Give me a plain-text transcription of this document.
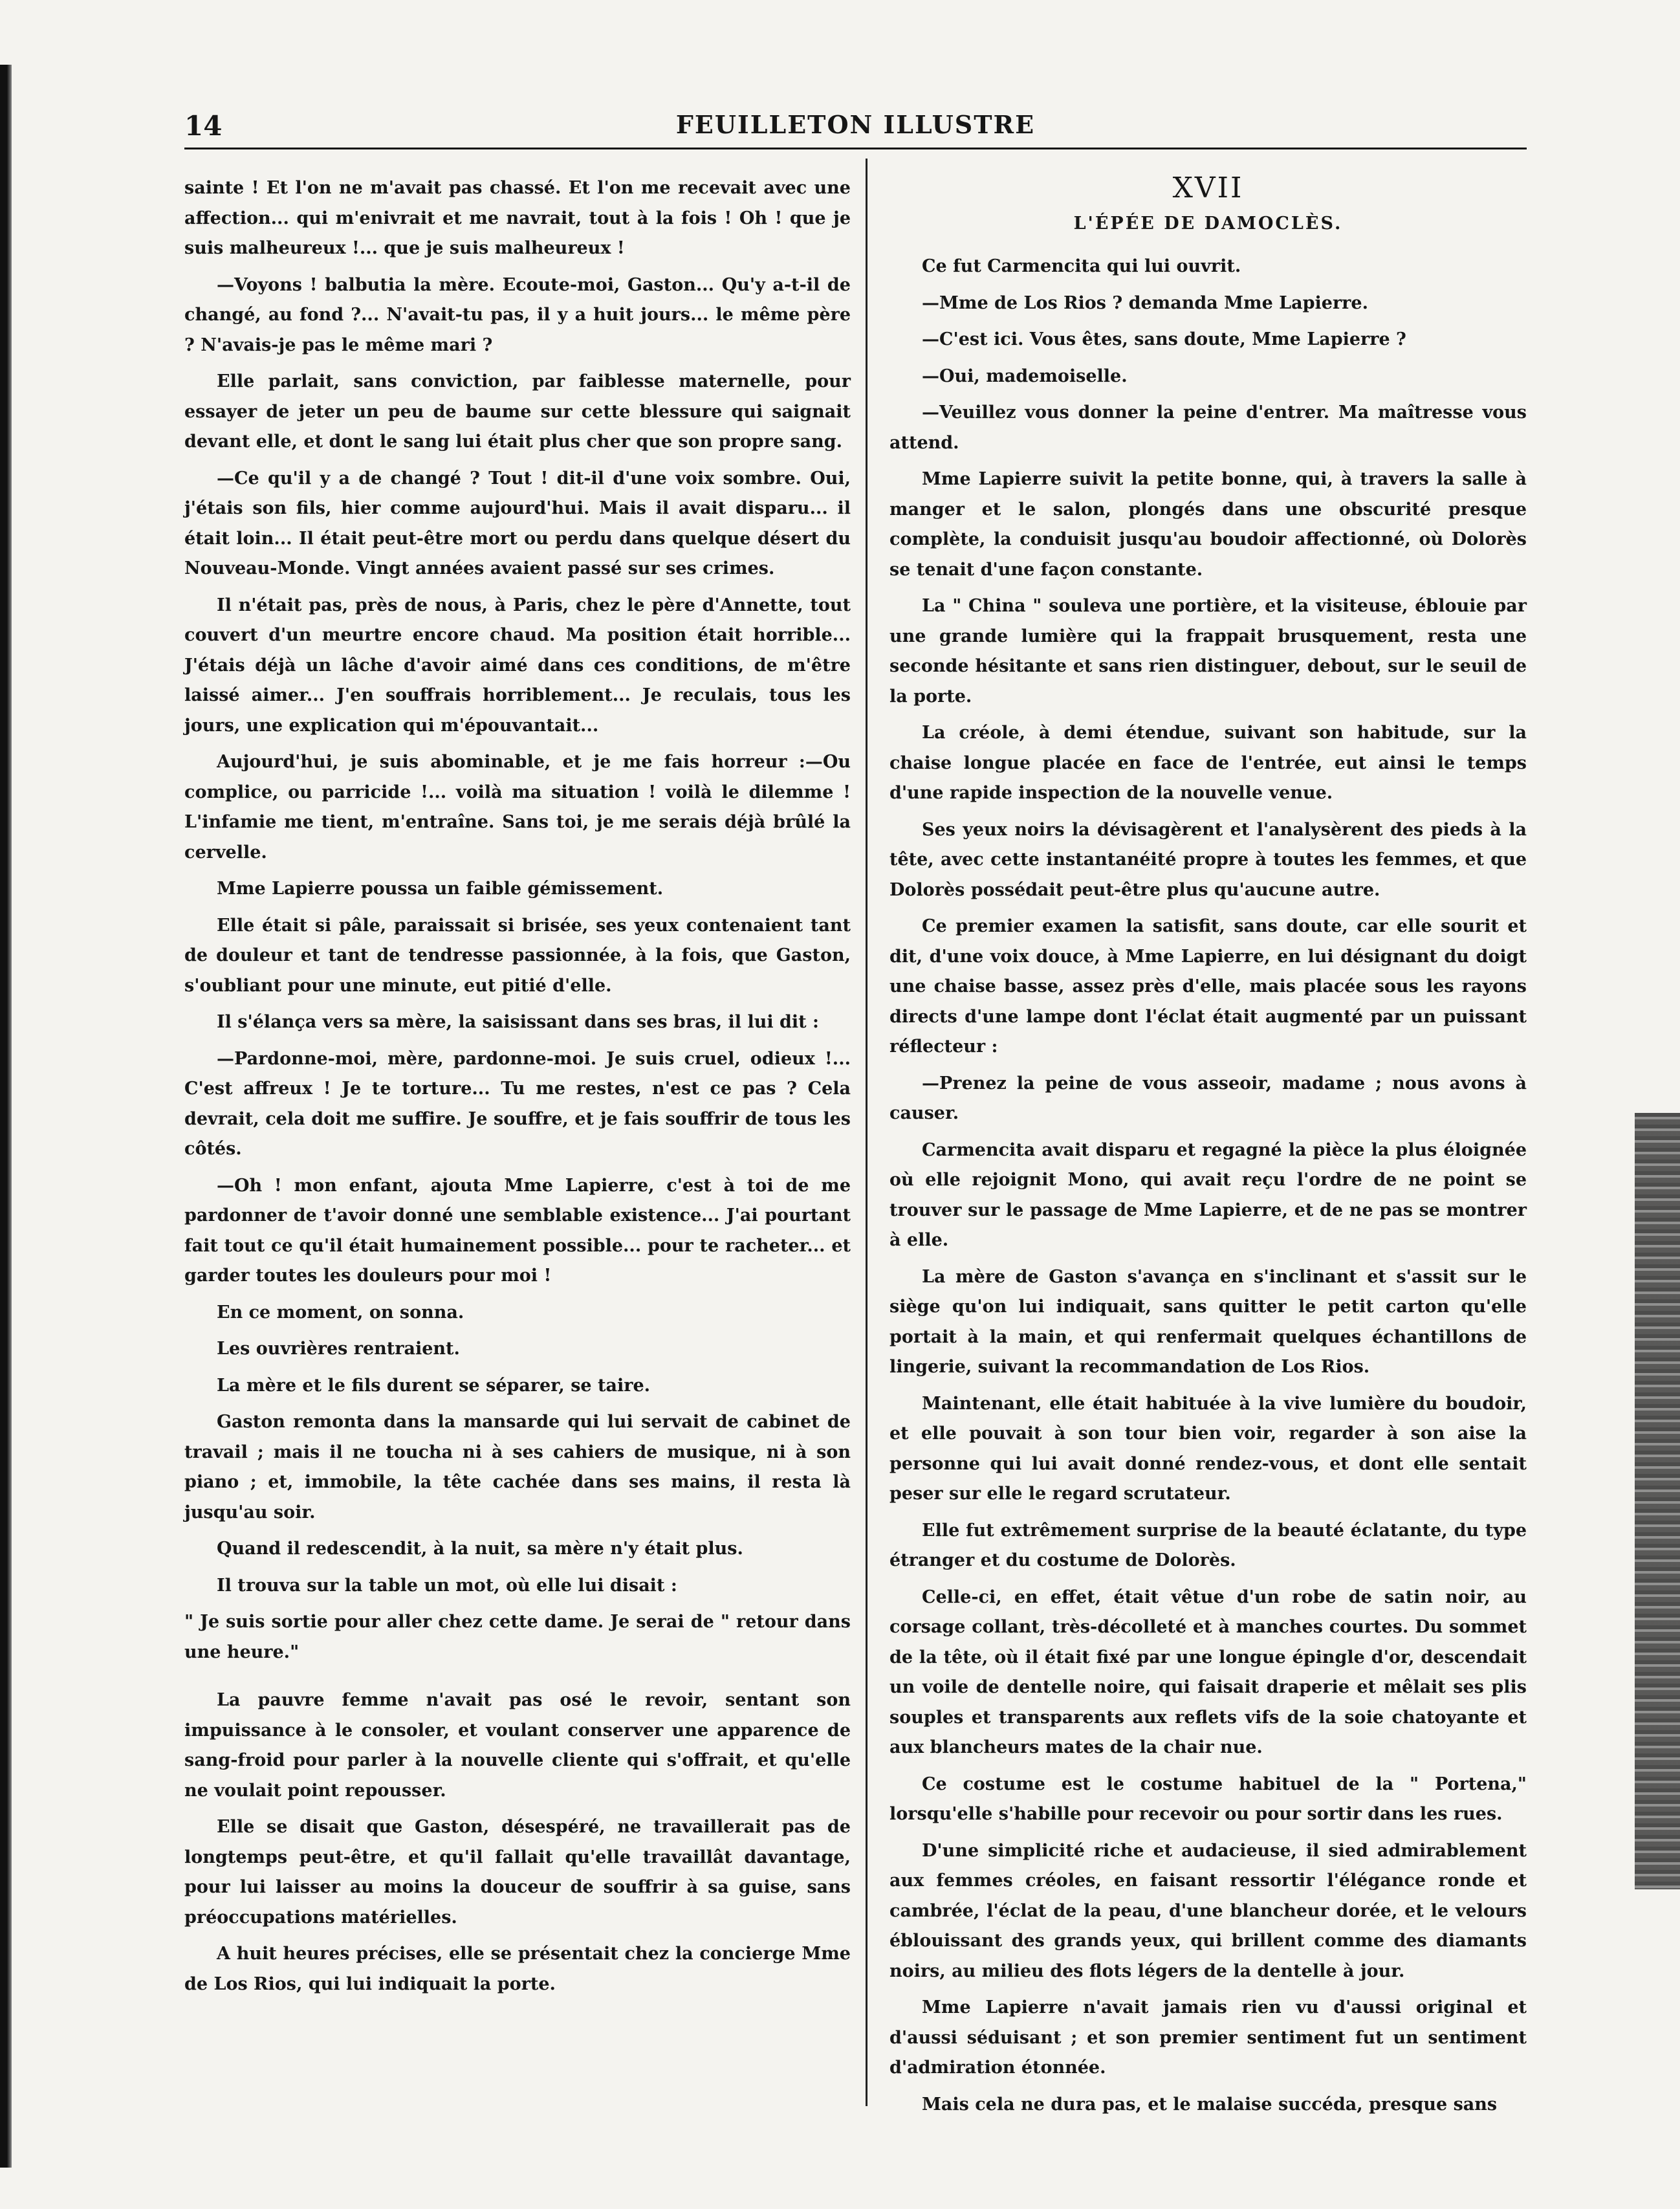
14	FEUILLETON ILLUSTRE

sainte ! Et l'on ne m'avait pas chassé. Et l'on me recevait avec une affection... qui m'enivrait et me navrait, tout à la fois ! Oh ! que je suis malheureux !... que je suis malheureux !

—Voyons ! balbutia la mère. Ecoute-moi, Gaston... Qu'y a-t-il de changé, au fond ?... N'avait-tu pas, il y a huit jours... le même père ? N'avais-je pas le même mari ?

Elle parlait, sans conviction, par faiblesse maternelle, pour essayer de jeter un peu de baume sur cette blessure qui saignait devant elle, et dont le sang lui était plus cher que son propre sang.

—Ce qu'il y a de changé ? Tout ! dit-il d'une voix sombre. Oui, j'étais son fils, hier comme aujourd'hui. Mais il avait disparu... il était loin... Il était peut-être mort ou perdu dans quelque désert du Nouveau-Monde. Vingt années avaient passé sur ses crimes.

Il n'était pas, près de nous, à Paris, chez le père d'Annette, tout couvert d'un meurtre encore chaud. Ma position était horrible... J'étais déjà un lâche d'avoir aimé dans ces conditions, de m'être laissé aimer... J'en souffrais horriblement... Je reculais, tous les jours, une explication qui m'épouvantait...

Aujourd'hui, je suis abominable, et je me fais horreur :—Ou complice, ou parricide !... voilà ma situation ! voilà le dilemme ! L'infamie me tient, m'entraîne. Sans toi, je me serais déjà brûlé la cervelle.

Mme Lapierre poussa un faible gémissement.

Elle était si pâle, paraissait si brisée, ses yeux contenaient tant de douleur et tant de tendresse passionnée, à la fois, que Gaston, s'oubliant pour une minute, eut pitié d'elle.

Il s'élança vers sa mère, la saisissant dans ses bras, il lui dit :

—Pardonne-moi, mère, pardonne-moi. Je suis cruel, odieux !... C'est affreux ! Je te torture... Tu me restes, n'est ce pas ? Cela devrait, cela doit me suffire. Je souffre, et je fais souffrir de tous les côtés.

—Oh ! mon enfant, ajouta Mme Lapierre, c'est à toi de me pardonner de t'avoir donné une semblable existence... J'ai pourtant fait tout ce qu'il était humainement possible... pour te racheter... et garder toutes les douleurs pour moi !

En ce moment, on sonna.

Les ouvrières rentraient.

La mère et le fils durent se séparer, se taire.

Gaston remonta dans la mansarde qui lui servait de cabinet de travail ; mais il ne toucha ni à ses cahiers de musique, ni à son piano ; et, immobile, la tête cachée dans ses mains, il resta là jusqu'au soir.

Quand il redescendit, à la nuit, sa mère n'y était plus.

Il trouva sur la table un mot, où elle lui disait :

" Je suis sortie pour aller chez cette dame. Je serai de " retour dans une heure."

La pauvre femme n'avait pas osé le revoir, sentant son impuissance à le consoler, et voulant conserver une apparence de sang-froid pour parler à la nouvelle cliente qui s'offrait, et qu'elle ne voulait point repousser.

Elle se disait que Gaston, désespéré, ne travaillerait pas de longtemps peut-être, et qu'il fallait qu'elle travaillât davantage, pour lui laisser au moins la douceur de souffrir à sa guise, sans préoccupations matérielles.

A huit heures précises, elle se présentait chez la concierge Mme de Los Rios, qui lui indiquait la porte.

XVII
L'ÉPÉE DE DAMOCLÈS.

Ce fut Carmencita qui lui ouvrit.

—Mme de Los Rios ? demanda Mme Lapierre.

—C'est ici. Vous êtes, sans doute, Mme Lapierre ?

—Oui, mademoiselle.

—Veuillez vous donner la peine d'entrer. Ma maîtresse vous attend.

Mme Lapierre suivit la petite bonne, qui, à travers la salle à manger et le salon, plongés dans une obscurité presque complète, la conduisit jusqu'au boudoir affectionné, où Dolorès se tenait d'une façon constante.

La " China " souleva une portière, et la visiteuse, éblouie par une grande lumière qui la frappait brusquement, resta une seconde hésitante et sans rien distinguer, debout, sur le seuil de la porte.

La créole, à demi étendue, suivant son habitude, sur la chaise longue placée en face de l'entrée, eut ainsi le temps d'une rapide inspection de la nouvelle venue.

Ses yeux noirs la dévisagèrent et l'analysèrent des pieds à la tête, avec cette instantanéité propre à toutes les femmes, et que Dolorès possédait peut-être plus qu'aucune autre.

Ce premier examen la satisfit, sans doute, car elle sourit et dit, d'une voix douce, à Mme Lapierre, en lui désignant du doigt une chaise basse, assez près d'elle, mais placée sous les rayons directs d'une lampe dont l'éclat était augmenté par un puissant réflecteur :

—Prenez la peine de vous asseoir, madame ; nous avons à causer.

Carmencita avait disparu et regagné la pièce la plus éloignée où elle rejoignit Mono, qui avait reçu l'ordre de ne point se trouver sur le passage de Mme Lapierre, et de ne pas se montrer à elle.

La mère de Gaston s'avança en s'inclinant et s'assit sur le siège qu'on lui indiquait, sans quitter le petit carton qu'elle portait à la main, et qui renfermait quelques échantillons de lingerie, suivant la recommandation de Los Rios.

Maintenant, elle était habituée à la vive lumière du boudoir, et elle pouvait à son tour bien voir, regarder à son aise la personne qui lui avait donné rendez-vous, et dont elle sentait peser sur elle le regard scrutateur.

Elle fut extrêmement surprise de la beauté éclatante, du type étranger et du costume de Dolorès.

Celle-ci, en effet, était vêtue d'un robe de satin noir, au corsage collant, très-décolleté et à manches courtes. Du sommet de la tête, où il était fixé par une longue épingle d'or, descendait un voile de dentelle noire, qui faisait draperie et mêlait ses plis souples et transparents aux reflets vifs de la soie chatoyante et aux blancheurs mates de la chair nue.

Ce costume est le costume habituel de la " Portena," lorsqu'elle s'habille pour recevoir ou pour sortir dans les rues.

D'une simplicité riche et audacieuse, il sied admirablement aux femmes créoles, en faisant ressortir l'élégance ronde et cambrée, l'éclat de la peau, d'une blancheur dorée, et le velours éblouissant des grands yeux, qui brillent comme des diamants noirs, au milieu des flots légers de la dentelle à jour.

Mme Lapierre n'avait jamais rien vu d'aussi original et d'aussi séduisant ; et son premier sentiment fut un sentiment d'admiration étonnée.

Mais cela ne dura pas, et le malaise succéda, presque sans
